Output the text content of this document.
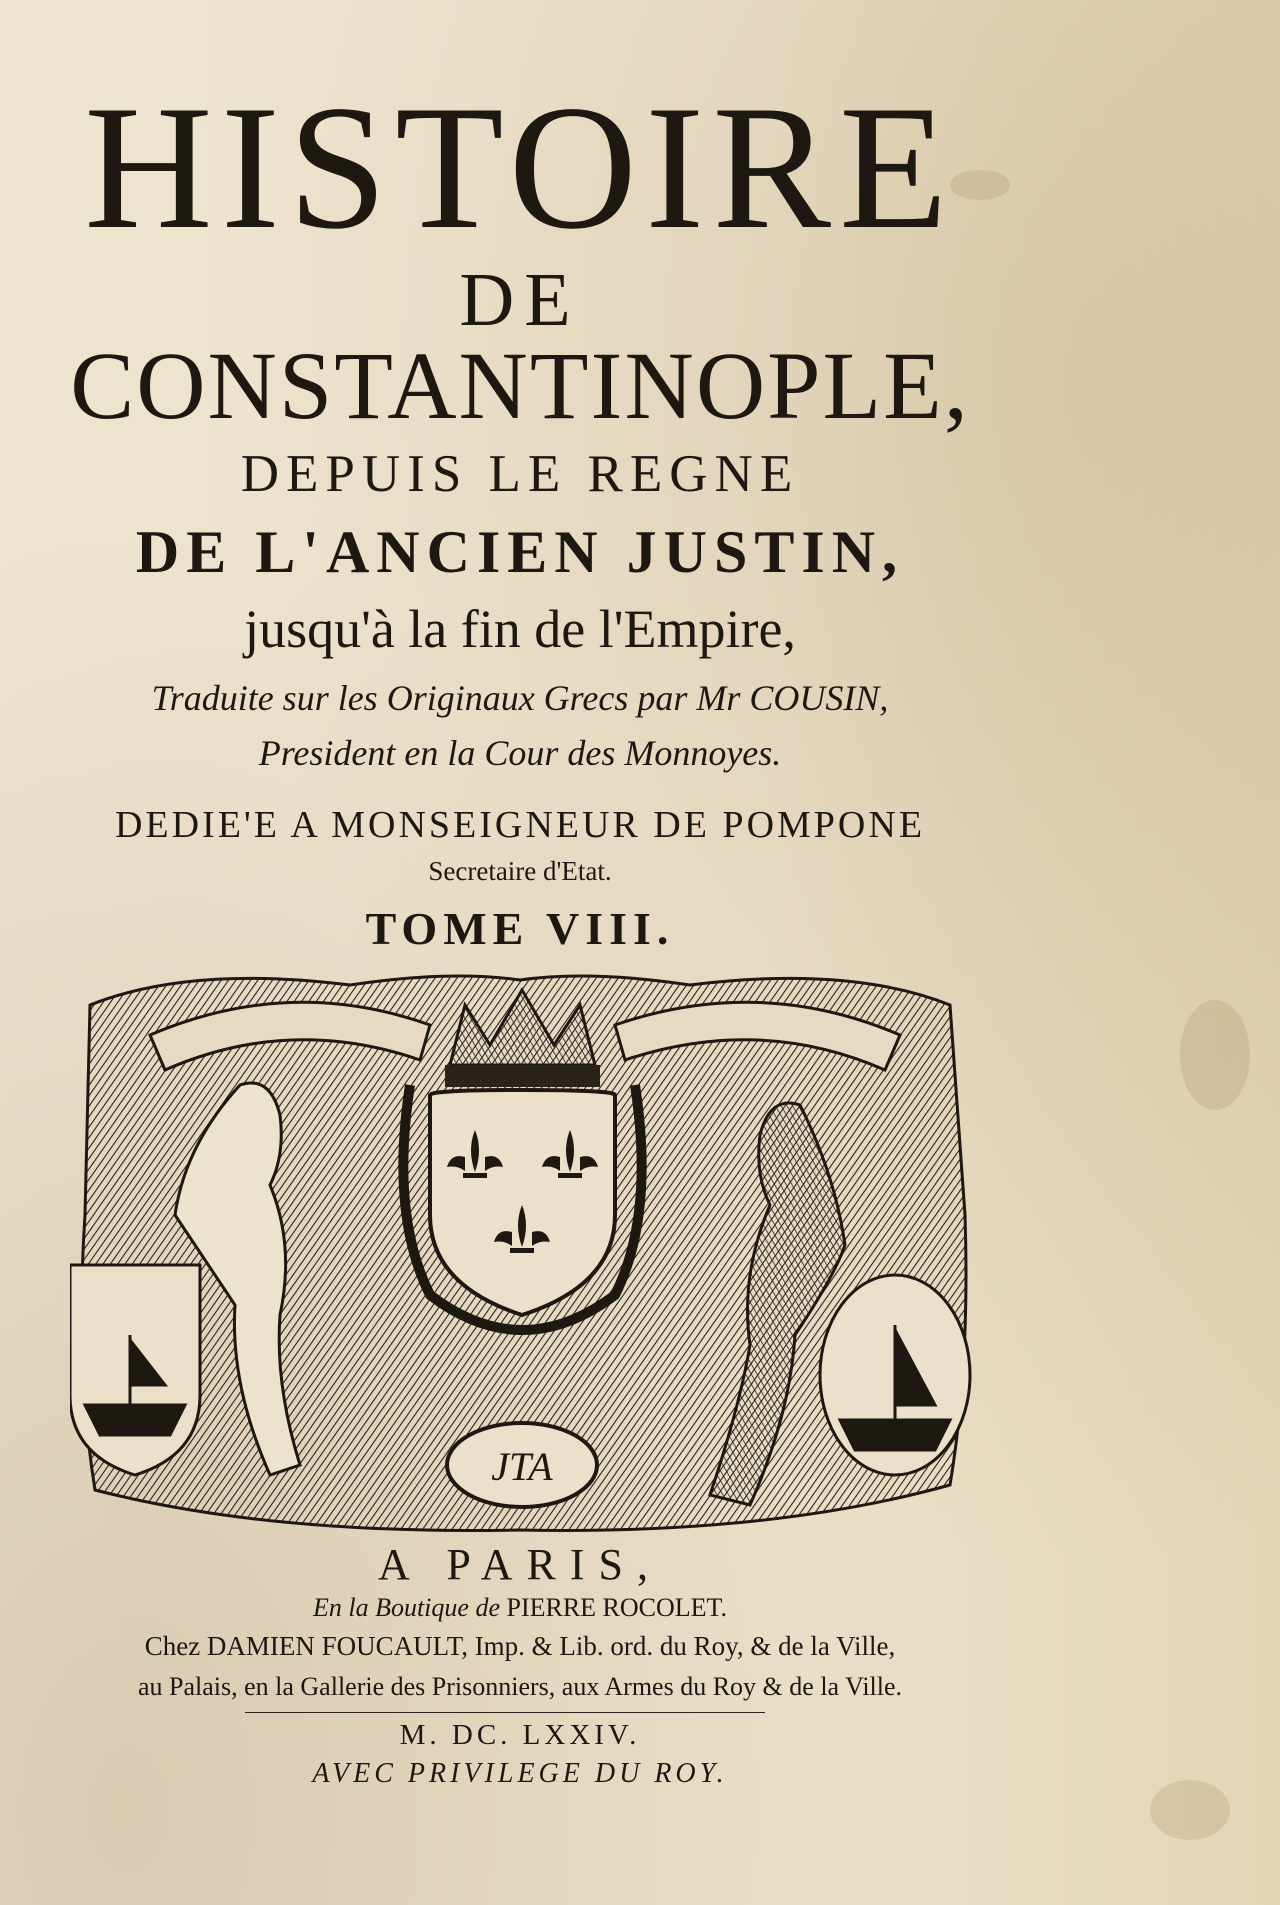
HISTOIRE
DE
CONSTANTINOPLE,
DEPUIS LE REGNE
DE L'ANCIEN JUSTIN,
jusqu'à la fin de l'Empire,
Traduite sur les Originaux Grecs par Mr COUSIN,
President en la Cour des Monnoyes.
DEDIE'E A MONSEIGNEUR DE POMPONE
Secretaire d'Etat.
TOME VIII.
JTA
A PARIS,
En la Boutique de PIERRE ROCOLET.
Chez DAMIEN FOUCAULT, Imp. & Lib. ord. du Roy, & de la Ville,
au Palais, en la Gallerie des Prisonniers, aux Armes du Roy & de la Ville.
M. DC. LXXIV.
AVEC PRIVILEGE DU ROY.
